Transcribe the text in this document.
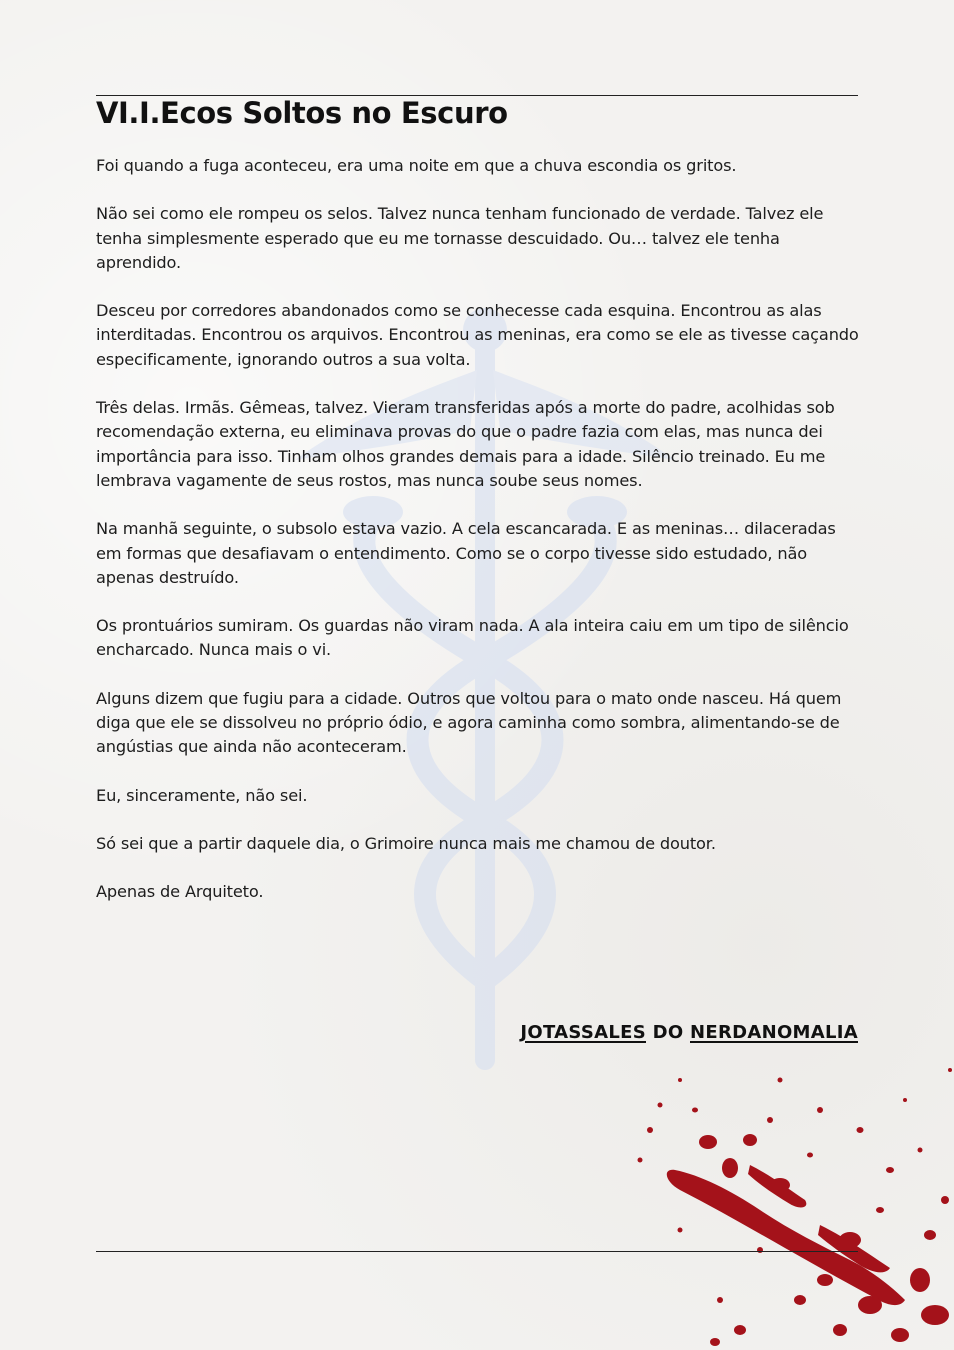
VI.I.Ecos Soltos no Escuro

Foi quando a fuga aconteceu, era uma noite em que a chuva escondia os gritos.

Não sei como ele rompeu os selos. Talvez nunca tenham funcionado de verdade. Talvez ele tenha simplesmente esperado que eu me tornasse descuidado. Ou… talvez ele tenha aprendido.

Desceu por corredores abandonados como se conhecesse cada esquina. Encontrou as alas interditadas. Encontrou os arquivos. Encontrou as meninas, era como se ele as tivesse caçando especificamente, ignorando outros a sua volta.

Três delas. Irmãs. Gêmeas, talvez. Vieram transferidas após a morte do padre, acolhidas sob recomendação externa, eu eliminava provas do que o padre fazia com elas, mas nunca dei importância para isso. Tinham olhos grandes demais para a idade. Silêncio treinado. Eu me lembrava vagamente de seus rostos, mas nunca soube seus nomes.

Na manhã seguinte, o subsolo estava vazio. A cela escancarada. E as meninas… dilaceradas em formas que desafiavam o entendimento. Como se o corpo tivesse sido estudado, não apenas destruído.

Os prontuários sumiram. Os guardas não viram nada. A ala inteira caiu em um tipo de silêncio encharcado. Nunca mais o vi.

Alguns dizem que fugiu para a cidade. Outros que voltou para o mato onde nasceu. Há quem diga que ele se dissolveu no próprio ódio, e agora caminha como sombra, alimentando-se de angústias que ainda não aconteceram.

Eu, sinceramente, não sei.

Só sei que a partir daquele dia, o Grimoire nunca mais me chamou de doutor.

Apenas de Arquiteto.

JOTASSALES DO NERDANOMALIA
